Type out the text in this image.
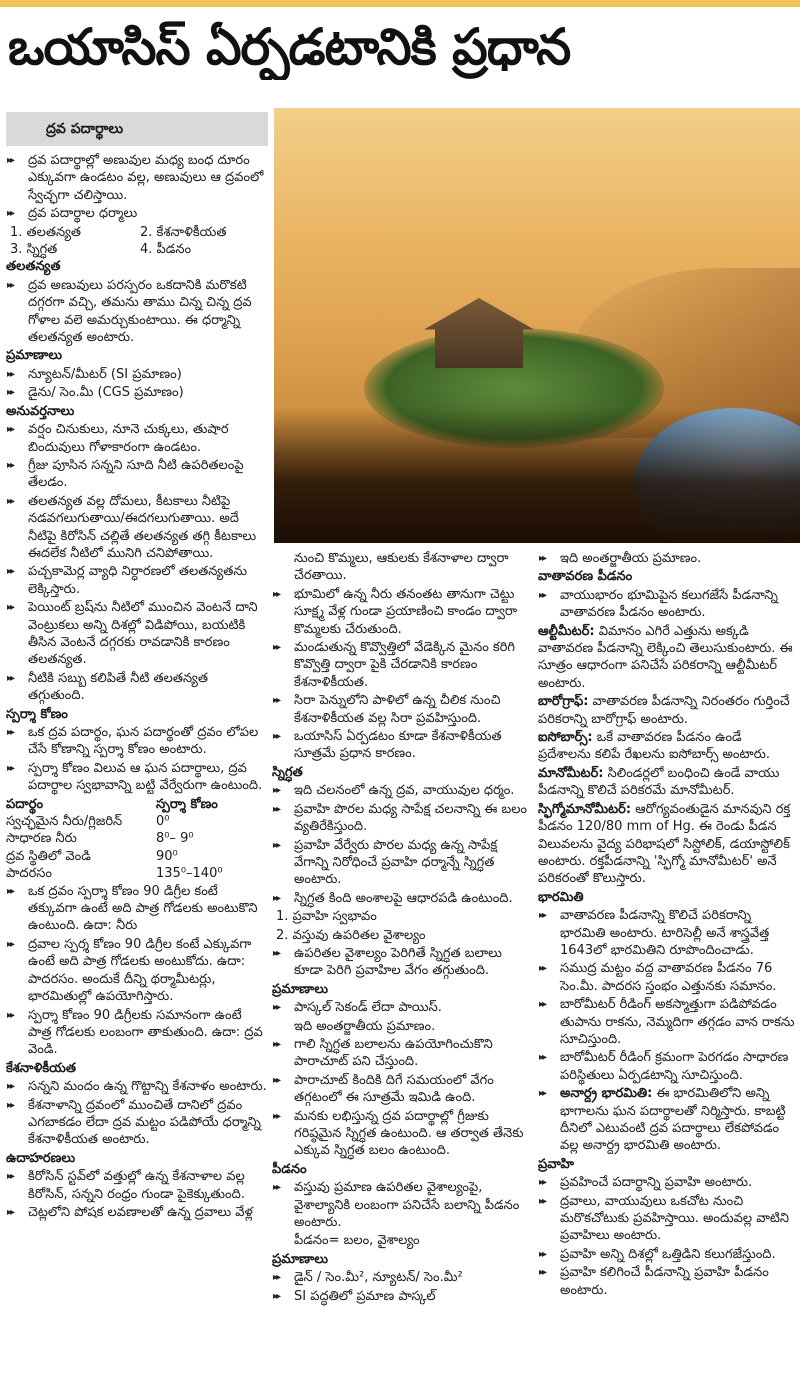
ఒయాసిస్ ఏర్పడటానికి ప్రధాన
ద్రవ పదార్థాలు

▸▸ ద్రవ పదార్థాల్లో అణువుల మధ్య బంధ దూరం ఎక్కువగా ఉండటం వల్ల, అణువులు ఆ ద్రవంలో స్వేచ్ఛగా చలిస్తాయి.

▸▸ ద్రవ పదార్థాల ధర్మాలు

1. తలతన్యత	2. కేశనాళికీయత
3. స్నిగ్ధత	4. పీడనం

తలతన్యత

▸▸ ద్రవ అణువులు పరస్పరం ఒకదానికి మరొకటి దగ్గరగా వచ్చి, తమను తాము చిన్న చిన్న ద్రవ గోళాల వలె అమర్చుకుంటాయి. ఈ ధర్మాన్ని తలతన్యత అంటారు.

ప్రమాణాలు

▸▸ న్యూటన్/మీటర్ (SI ప్రమాణం)

▸▸ డైను/ సెం.మీ (CGS ప్రమాణం)

అనువర్తనాలు

▸▸ వర్షం చినుకులు, నూనె చుక్కలు, తుషార బిందువులు గోళాకారంగా ఉండటం.

▸▸ గ్రీజు పూసిన సన్నని సూది నీటి ఉపరితలంపై తేలడం.

▸▸ తలతన్యత వల్ల దోమలు, కీటకాలు నీటిపై నడవగలుగుతాయి/ఈదగలుగుతాయి. అదే నీటిపై కిరోసిన్ చల్లితే తలతన్యత తగ్గి కీటకాలు ఈదలేక నీటిలో మునిగి చనిపోతాయి.

▸▸ పచ్చకామెర్ల వ్యాధి నిర్ధారణలో తలతన్యతను లెక్కిస్తారు.

▸▸ పెయింట్ బ్రష్‌ను నీటిలో ముంచిన వెంటనే దాని వెంట్రుకలు అన్ని దిశల్లో విడిపోయి, బయటికి తీసిన వెంటనే దగ్గరకు రావడానికి కారణం తలతన్యత.

▸▸ నీటికి సబ్బు కలిపితే నీటి తలతన్యత తగ్గుతుంది.

స్పర్శా కోణం

▸▸ ఒక ద్రవ పదార్థం, ఘన పదార్థంతో ద్రవం లోపల చేసే కోణాన్ని స్పర్శా కోణం అంటారు.

▸▸ స్పర్శా కోణం విలువ ఆ ఘన పదార్థాలు, ద్రవ పదార్థాల స్వభావాన్ని బట్టి వేర్వేరుగా ఉంటుంది.

పదార్థం	స్పర్శా కోణం
స్వచ్ఛమైన నీరు/గ్లిజరిన్	0⁰
సాధారణ నీరు	8⁰– 9⁰
ద్రవ స్థితిలో వెండి	90⁰
పాదరసం	135⁰–140⁰

▸▸ ఒక ద్రవం స్పర్శా కోణం 90 డిగ్రీల కంటే తక్కువగా ఉంటే అది పాత్ర గోడలకు అంటుకొని ఉంటుంది. ఉదా: నీరు

▸▸ ద్రవాల స్పర్శ కోణం 90 డిగ్రీల కంటే ఎక్కువగా ఉంటే అది పాత్ర గోడలకు అంటుకోదు. ఉదా: పాదరసం. అందుకే దీన్ని థర్మామీటర్లు, భారమితుల్లో ఉపయోగిస్తారు.

▸▸ స్పర్శా కోణం 90 డిగ్రీలకు సమానంగా ఉంటే పాత్ర గోడలకు లంబంగా తాకుతుంది. ఉదా: ద్రవ వెండి.

కేశనాళికీయత

▸▸ సన్నని మందం ఉన్న గొట్టాన్ని కేశనాళం అంటారు.

▸▸ కేశనాళాన్ని ద్రవంలో ముంచితే దానిలో ద్రవం ఎగబాకడం లేదా ద్రవ మట్టం పడిపోయే ధర్మాన్ని కేశనాళికీయత అంటారు.

ఉదాహరణలు

▸▸ కిరోసిన్ స్టవ్‌లో వత్తుల్లో ఉన్న కేశనాళాల వల్ల కిరోసిన్, సన్నని రంధ్రం గుండా పైకెక్కుతుంది.

▸▸ చెట్లలోని పోషక లవణాలతో ఉన్న ద్రవాలు వేళ్ల

నుంచి కొమ్మలు, ఆకులకు కేశనాళాల ద్వారా చేరతాయి.

▸▸ భూమిలో ఉన్న నీరు తనంతట తానుగా చెట్టు సూక్ష్మ వేళ్ల గుండా ప్రయాణించి కాండం ద్వారా కొమ్మలకు చేరుతుంది.

▸▸ మండుతున్న కొవ్వొత్తిలో వేడెక్కిన మైనం కరిగి కొవ్వొత్తి ద్వారా పైకి చేరడానికి కారణం కేశనాళికీయత.

▸▸ సిరా పెన్నులోని పాళిలో ఉన్న చీలిక నుంచి కేశనాళికీయత వల్ల సిరా ప్రవహిస్తుంది.

▸▸ ఒయాసిస్ ఏర్పడటం కూడా కేశనాళికీయత సూత్రమే ప్రధాన కారణం.

స్నిగ్ధత

▸▸ ఇది చలనంలో ఉన్న ద్రవ, వాయువుల ధర్మం.

▸▸ ప్రవాహి పొరల మధ్య సాపేక్ష చలనాన్ని ఈ బలం వ్యతిరేకిస్తుంది.

▸▸ ప్రవాహి వేర్వేరు పొరల మధ్య ఉన్న సాపేక్ష వేగాన్ని నిరోధించే ప్రవాహి ధర్మాన్నే స్నిగ్ధత అంటారు.

▸▸ స్నిగ్ధత కింది అంశాలపై ఆధారపడి ఉంటుంది.

1. ప్రవాహి స్వభావం

2. వస్తువు ఉపరితల వైశాల్యం

▸▸ ఉపరితల వైశాల్యం పెరిగితే స్నిగ్ధత బలాలు కూడా పెరిగి ప్రవాహిల వేగం తగ్గుతుంది.

ప్రమాణాలు

▸▸ పాస్కల్ సెకండ్ లేదా పాయిస్.

ఇది అంతర్జాతీయ ప్రమాణం.

▸▸ గాలి స్నిగ్ధత బలాలను ఉపయోగించుకొని పారాచూట్ పని చేస్తుంది.

▸▸ పారాచూట్ కిందికి దిగే సమయంలో వేగం తగ్గటంలో ఈ సూత్రమే ఇమిడి ఉంది.

▸▸ మనకు లభిస్తున్న ద్రవ పదార్థాల్లో గ్రీజుకు గరిష్ఠమైన స్నిగ్ధత ఉంటుంది. ఆ తర్వాత తేనెకు ఎక్కువ స్నిగ్ధత బలం ఉంటుంది.

పీడనం

▸▸ వస్తువు ప్రమాణ ఉపరితల వైశాల్యంపై, వైశాల్యానికి లంబంగా పనిచేసే బలాన్ని పీడనం అంటారు.

పీడనం= బలం, వైశాల్యం

ప్రమాణాలు

▸▸ డైన్ / సెం.మీ², న్యూటన్/ సెం.మీ²

▸▸ SI పద్ధతిలో ప్రమాణ పాస్కల్

▸▸ ఇది అంతర్జాతీయ ప్రమాణం.

వాతావరణ పీడనం

▸▸ వాయుభారం భూమిపైన కలుగజేసే పీడనాన్ని వాతావరణ పీడనం అంటారు.

ఆల్టీమీటర్: విమానం ఎగిరే ఎత్తును అక్కడి వాతావరణ పీడనాన్ని లెక్కించి తెలుసుకుంటారు. ఈ సూత్రం ఆధారంగా పనిచేసే పరికరాన్ని ఆల్టీమీటర్ అంటారు.

బారోగ్రాఫ్: వాతావరణ పీడనాన్ని నిరంతరం గుర్తించే పరికరాన్ని బారోగ్రాఫ్ అంటారు.

ఐసోబార్స్: ఒకే వాతావరణ పీడనం ఉండే ప్రదేశాలను కలిపే రేఖలను ఐసోబార్స్ అంటారు.

మానోమీటర్: సిలిండర్లలో బంధించి ఉండే వాయు పీడనాన్ని కొలిచే పరికరమే మానోమీటర్.

స్ఫిగ్మోమానోమీటర్: ఆరోగ్యవంతుడైన మానవుని రక్త పీడనం 120/80 mm of Hg. ఈ రెండు పీడన విలువలను వైద్య పరిభాషలో సిస్టోలిక్, డయాస్టోలిక్ అంటారు. రక్తపీడనాన్ని 'స్ఫిగ్మో మానోమీటర్' అనే పరికరంతో కొలుస్తారు.

భారమితి

▸▸ వాతావరణ పీడనాన్ని కొలిచే పరికరాన్ని భారమితి అంటారు. టారిసెల్లీ అనే శాస్త్రవేత్త 1643లో భారమితిని రూపొందించాడు.

▸▸ సముద్ర మట్టం వద్ద వాతావరణ పీడనం 76 సెం.మీ. పాదరస స్తంభం ఎత్తునకు సమానం.

▸▸ బారోమీటర్ రీడింగ్ అకస్మాత్తుగా పడిపోవడం తుపాను రాకను, నెమ్మదిగా తగ్గడం వాన రాకను సూచిస్తుంది.

▸▸ బారోమీటర్ రీడింగ్ క్రమంగా పెరగడం సాధారణ పరిస్థితులు ఏర్పడటాన్ని సూచిస్తుంది.

▸▸ అనార్ద్ర భారమితి: ఈ భారమితిలోని అన్ని భాగాలను ఘన పదార్థాలతో నిర్మిస్తారు. కాబట్టి దీనిలో ఎటువంటి ద్రవ పదార్థాలు లేకపోవడం వల్ల అనార్ద్ర భారమితి అంటారు.

ప్రవాహి

▸▸ ప్రవహించే పదార్థాన్ని ప్రవాహి అంటారు.

▸▸ ద్రవాలు, వాయువులు ఒకచోట నుంచి మరొకచోటుకు ప్రవహిస్తాయి. అందువల్ల వాటిని ప్రవాహిలు అంటారు.

▸▸ ప్రవాహి అన్ని దిశల్లో ఒత్తిడిని కలుగజేస్తుంది.

▸▸ ప్రవాహి కలిగించే పీడనాన్ని ప్రవాహి పీడనం అంటారు.
